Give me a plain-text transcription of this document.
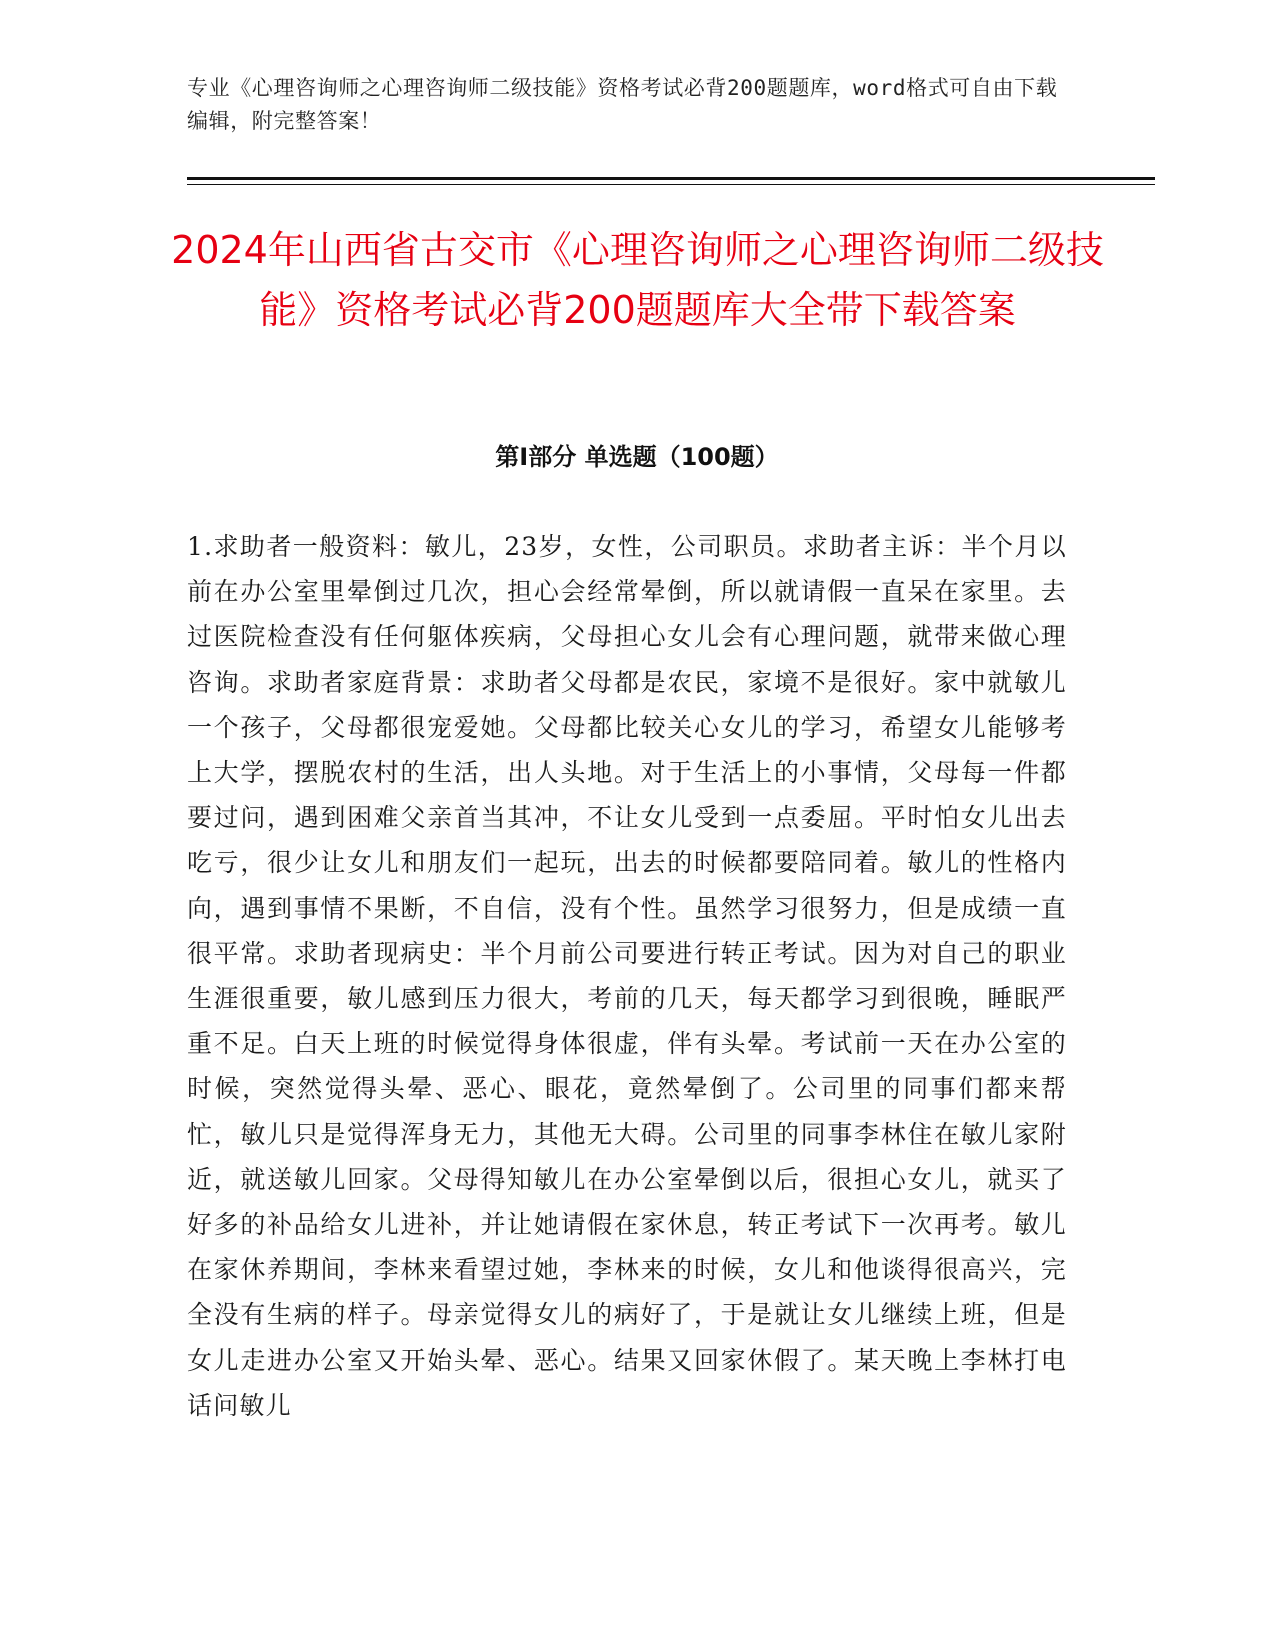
专业《心理咨询师之心理咨询师二级技能》资格考试必背200题题库，word格式可自由下载编辑，附完整答案！
2024年山西省古交市《心理咨询师之心理咨询师二级技能》资格考试必背200题题库大全带下载答案
第I部分 单选题（100题）

1.求助者一般资料：敏儿，23岁，女性，公司职员。求助者主诉：半个月以前在办公室里晕倒过几次，担心会经常晕倒，所以就请假一直呆在家里。去过医院检查没有任何躯体疾病，父母担心女儿会有心理问题，就带来做心理咨询。求助者家庭背景：求助者父母都是农民，家境不是很好。家中就敏儿一个孩子，父母都很宠爱她。父母都比较关心女儿的学习，希望女儿能够考上大学，摆脱农村的生活，出人头地。对于生活上的小事情，父母每一件都要过问，遇到困难父亲首当其冲，不让女儿受到一点委屈。平时怕女儿出去吃亏，很少让女儿和朋友们一起玩，出去的时候都要陪同着。敏儿的性格内向，遇到事情不果断，不自信，没有个性。虽然学习很努力，但是成绩一直很平常。求助者现病史：半个月前公司要进行转正考试。因为对自己的职业生涯很重要，敏儿感到压力很大，考前的几天，每天都学习到很晚，睡眠严重不足。白天上班的时候觉得身体很虚，伴有头晕。考试前一天在办公室的时候，突然觉得头晕、恶心、眼花，竟然晕倒了。公司里的同事们都来帮忙，敏儿只是觉得浑身无力，其他无大碍。公司里的同事李林住在敏儿家附近，就送敏儿回家。父母得知敏儿在办公室晕倒以后，很担心女儿，就买了好多的补品给女儿进补，并让她请假在家休息，转正考试下一次再考。敏儿在家休养期间，李林来看望过她，李林来的时候，女儿和他谈得很高兴，完全没有生病的样子。母亲觉得女儿的病好了，于是就让女儿继续上班，但是女儿走进办公室又开始头晕、恶心。结果又回家休假了。某天晚上李林打电话问敏儿
